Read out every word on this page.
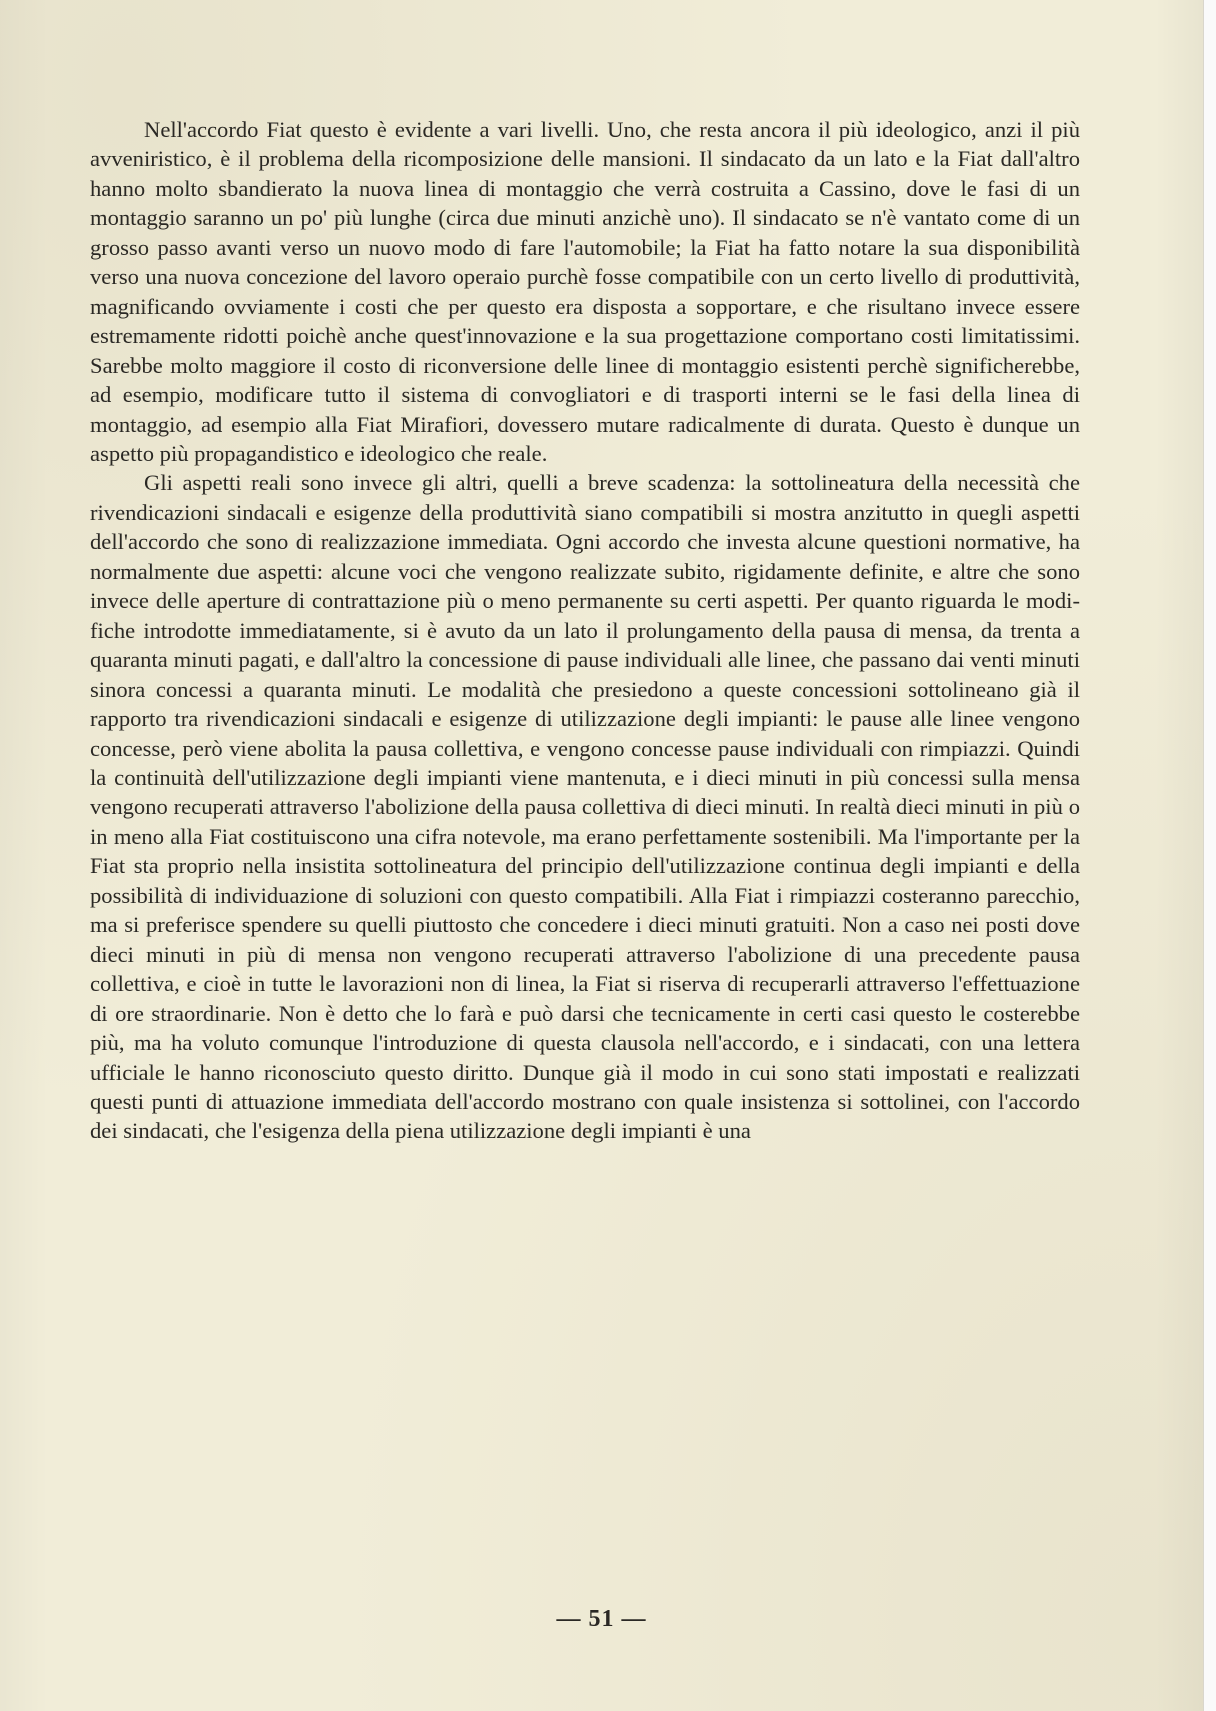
Nell'accordo Fiat questo è evidente a vari livelli. Uno, che resta ancora il più ideologico, anzi il più avveniristico, è il problema della ricomposizione delle mansioni. Il sindacato da un lato e la Fiat dall'altro hanno molto sbandierato la nuova linea di montaggio che verrà costruita a Cassino, dove le fasi di un montaggio saranno un po' più lunghe (circa due minuti anzichè uno). Il sindacato se n'è vantato come di un grosso passo avanti verso un nuovo modo di fare l'automobile; la Fiat ha fatto notare la sua disponibilità verso una nuova concezione del lavoro operaio purchè fosse compatibile con un certo livello di produttività, magnificando ovviamente i costi che per questo era disposta a sopportare, e che risultano invece essere estremamente ridotti poichè anche quest'innovazione e la sua progettazione comportano costi limitatissimi. Sarebbe molto maggiore il costo di riconversione delle linee di montaggio esistenti perchè significherebbe, ad esempio, modificare tutto il sistema di convogliatori e di trasporti interni se le fasi della linea di montaggio, ad esempio alla Fiat Mirafiori, dovessero mutare radicalmente di durata. Questo è dunque un aspetto più propagandistico e ideologico che reale.

Gli aspetti reali sono invece gli altri, quelli a breve scadenza: la sottolineatura della necessità che rivendicazioni sindacali e esigenze della produttività siano compatibili si mostra anzitutto in quegli aspetti dell'accordo che sono di realizzazione immediata. Ogni accordo che investa alcune questioni normative, ha normalmente due aspetti: alcune voci che vengono realizzate subito, rigidamente definite, e altre che sono invece delle aperture di contrattazione più o meno permanente su certi aspetti. Per quanto riguarda le modifiche introdotte immediatamente, si è avuto da un lato il prolungamento della pausa di mensa, da trenta a quaranta minuti pagati, e dall'altro la concessione di pause individuali alle linee, che passano dai venti minuti sinora concessi a quaranta minuti. Le modalità che presiedono a queste concessioni sottolineano già il rapporto tra rivendicazioni sindacali e esigenze di utilizzazione degli impianti: le pause alle linee vengono concesse, però viene abolita la pausa collettiva, e vengono concesse pause individuali con rimpiazzi. Quindi la continuità dell'utilizzazione degli impianti viene mantenuta, e i dieci minuti in più concessi sulla mensa vengono recuperati attraverso l'abolizione della pausa collettiva di dieci minuti. In realtà dieci minuti in più o in meno alla Fiat costituiscono una cifra notevole, ma erano perfettamente sostenibili. Ma l'importante per la Fiat sta proprio nella insistita sottolineatura del principio dell'utilizzazione continua degli impianti e della possibilità di individuazione di soluzioni con questo compatibili. Alla Fiat i rimpiazzi costeranno parecchio, ma si preferisce spendere su quelli piuttosto che concedere i dieci minuti gratuiti. Non a caso nei posti dove dieci minuti in più di mensa non vengono recuperati attraverso l'abolizione di una precedente pausa collettiva, e cioè in tutte le lavorazioni non di linea, la Fiat si riserva di recuperarli attraverso l'effettuazione di ore straordinarie. Non è detto che lo farà e può darsi che tecnicamente in certi casi questo le costerebbe più, ma ha voluto comunque l'introduzione di questa clausola nell'accordo, e i sindacati, con una lettera ufficiale le hanno riconosciuto questo diritto. Dunque già il modo in cui sono stati impostati e realizzati questi punti di attuazione immediata dell'accordo mostrano con quale insistenza si sottolinei, con l'accordo dei sindacati, che l'esigenza della piena utilizzazione degli impianti è una

— 51 —
